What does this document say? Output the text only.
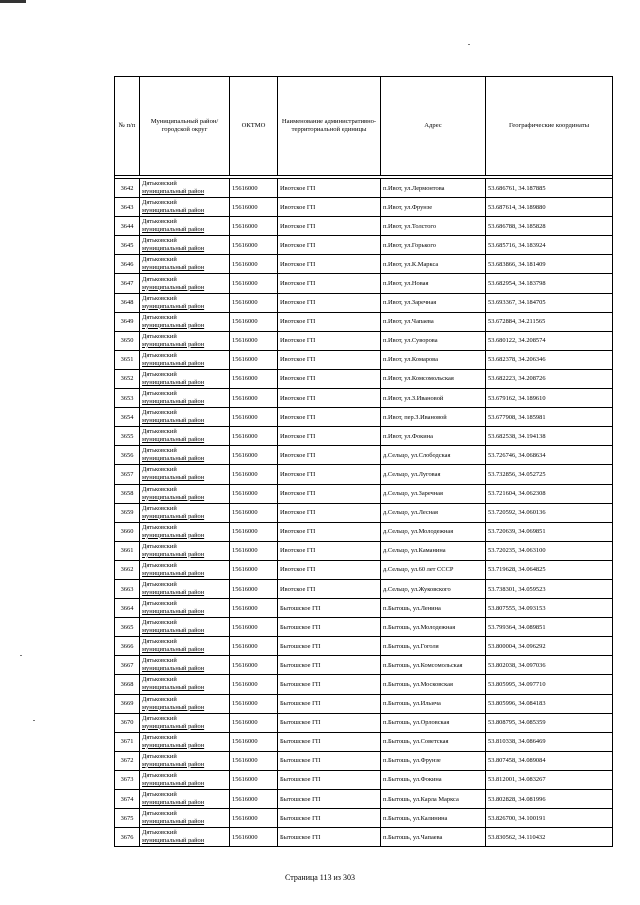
№ п/п	Муниципальный район/городской округ	ОКТМО	Наименование административно-территориальной единицы	Адрес	Географические координаты

3642	Дятьковский
муниципальный район	15616000	Ивотское ГП	п.Ивот, ул.Лермонтова	53.686761, 34.187885
3643	Дятьковский
муниципальный район	15616000	Ивотское ГП	п.Ивот, ул.Фрунзе	53.687614, 34.189880
3644	Дятьковский
муниципальный район	15616000	Ивотское ГП	п.Ивот, ул.Толстого	53.686788, 34.185828
3645	Дятьковский
муниципальный район	15616000	Ивотское ГП	п.Ивот, ул.Горького	53.685716, 34.183924
3646	Дятьковский
муниципальный район	15616000	Ивотское ГП	п.Ивот, ул.К.Маркса	53.683866, 34.181409
3647	Дятьковский
муниципальный район	15616000	Ивотское ГП	п.Ивот, ул.Новая	53.682954, 34.183798
3648	Дятьковский
муниципальный район	15616000	Ивотское ГП	п.Ивот, ул.Заречная	53.693367, 34.184705
3649	Дятьковский
муниципальный район	15616000	Ивотское ГП	п.Ивот, ул.Чапаева	53.672884, 34.211565
3650	Дятьковский
муниципальный район	15616000	Ивотское ГП	п.Ивот, ул.Суворова	53.680122, 34.208574
3651	Дятьковский
муниципальный район	15616000	Ивотское ГП	п.Ивот, ул.Комарова	53.682378, 34.206346
3652	Дятьковский
муниципальный район	15616000	Ивотское ГП	п.Ивот, ул.Комсомольская	53.682223, 34.208726
3653	Дятьковский
муниципальный район	15616000	Ивотское ГП	п.Ивот, ул.З.Ивановой	53.679162, 34.189610
3654	Дятьковский
муниципальный район	15616000	Ивотское ГП	п.Ивот, пер.З.Ивановой	53.677908, 34.185981
3655	Дятьковский
муниципальный район	15616000	Ивотское ГП	п.Ивот, ул.Фокина	53.682538, 34.194138
3656	Дятьковский
муниципальный район	15616000	Ивотское ГП	д.Сельцо, ул.Слободская	53.726746, 34.068634
3657	Дятьковский
муниципальный район	15616000	Ивотское ГП	д.Сельцо, ул.Луговая	53.732856, 34.052725
3658	Дятьковский
муниципальный район	15616000	Ивотское ГП	д.Сельцо, ул.Заречная	53.721604, 34.062308
3659	Дятьковский
муниципальный район	15616000	Ивотское ГП	д.Сельцо, ул.Лесная	53.720592, 34.060136
3660	Дятьковский
муниципальный район	15616000	Ивотское ГП	д.Сельцо, ул.Молодежная	53.720639, 34.069851
3661	Дятьковский
муниципальный район	15616000	Ивотское ГП	д.Сельцо, ул.Каманина	53.720235, 34.063100
3662	Дятьковский
муниципальный район	15616000	Ивотское ГП	д.Сельцо, ул.60 лет СССР	53.719628, 34.064825
3663	Дятьковский
муниципальный район	15616000	Ивотское ГП	д.Сельцо, ул.Жуковского	53.738301, 34.059523
3664	Дятьковский
муниципальный район	15616000	Бытошское ГП	п.Бытошь, ул.Ленина	53.807555, 34.093153
3665	Дятьковский
муниципальный район	15616000	Бытошское ГП	п.Бытошь, ул.Молодежная	53.799364, 34.089851
3666	Дятьковский
муниципальный район	15616000	Бытошское ГП	п.Бытошь, ул.Гоголя	53.800004, 34.096292
3667	Дятьковский
муниципальный район	15616000	Бытошское ГП	п.Бытошь, ул.Комсомольская	53.802038, 34.097036
3668	Дятьковский
муниципальный район	15616000	Бытошское ГП	п.Бытошь, ул.Московская	53.805995, 34.097710
3669	Дятьковский
муниципальный район	15616000	Бытошское ГП	п.Бытошь, ул.Ильича	53.805996, 34.084183
3670	Дятьковский
муниципальный район	15616000	Бытошское ГП	п.Бытошь, ул.Орловская	53.808795, 34.085359
3671	Дятьковский
муниципальный район	15616000	Бытошское ГП	п.Бытошь, ул.Советская	53.810338, 34.086469
3672	Дятьковский
муниципальный район	15616000	Бытошское ГП	п.Бытошь, ул.Фрунзе	53.807458, 34.089084
3673	Дятьковский
муниципальный район	15616000	Бытошское ГП	п.Бытошь, ул.Фокина	53.812001, 34.083267
3674	Дятьковский
муниципальный район	15616000	Бытошское ГП	п.Бытошь, ул.Карла Маркса	53.802828, 34.081996
3675	Дятьковский
муниципальный район	15616000	Бытошское ГП	п.Бытошь, ул.Калинина	53.826700, 34.100191
3676	Дятьковский
муниципальный район	15616000	Бытошское ГП	п.Бытошь, ул.Чапаева	53.830562, 34.110432
Страница 113 из 303
